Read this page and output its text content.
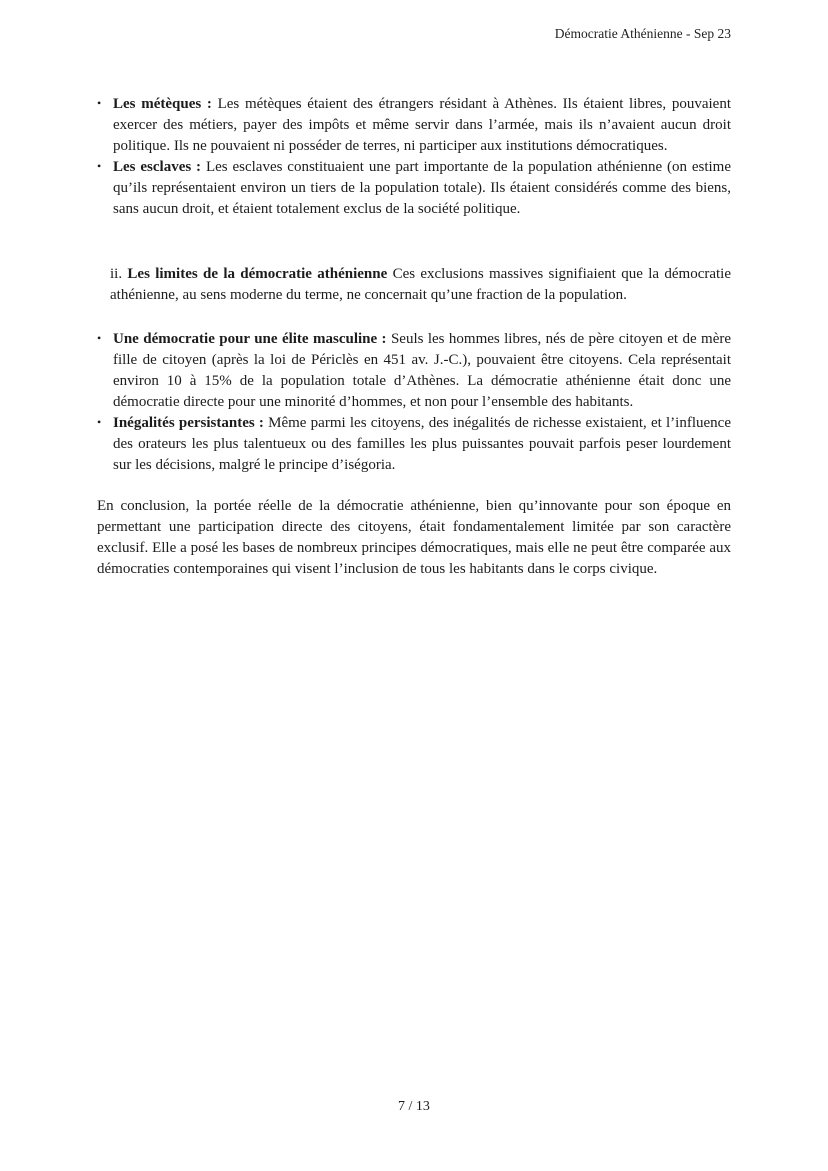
Démocratie Athénienne - Sep 23
• Les métèques : Les métèques étaient des étrangers résidant à Athènes. Ils étaient libres, pouvaient exercer des métiers, payer des impôts et même servir dans l’armée, mais ils n’avaient aucun droit politique. Ils ne pouvaient ni posséder de terres, ni participer aux institutions démocratiques.
• Les esclaves : Les esclaves constituaient une part importante de la population athénienne (on estime qu’ils représentaient environ un tiers de la population totale). Ils étaient considérés comme des biens, sans aucun droit, et étaient totalement exclus de la société politique.
ii. Les limites de la démocratie athénienne Ces exclusions massives signifiaient que la démocratie athénienne, au sens moderne du terme, ne concernait qu’une fraction de la population.
• Une démocratie pour une élite masculine : Seuls les hommes libres, nés de père citoyen et de mère fille de citoyen (après la loi de Périclès en 451 av. J.-C.), pouvaient être citoyens. Cela représentait environ 10 à 15% de la population totale d’Athènes. La démocratie athénienne était donc une démocratie directe pour une minorité d’hommes, et non pour l’ensemble des habitants.
• Inégalités persistantes : Même parmi les citoyens, des inégalités de richesse existaient, et l’influence des orateurs les plus talentueux ou des familles les plus puissantes pouvait parfois peser lourdement sur les décisions, malgré le principe d’iségoria.

En conclusion, la portée réelle de la démocratie athénienne, bien qu’innovante pour son époque en permettant une participation directe des citoyens, était fondamentalement limitée par son caractère exclusif. Elle a posé les bases de nombreux principes démocratiques, mais elle ne peut être comparée aux démocraties contemporaines qui visent l’inclusion de tous les habitants dans le corps civique.

7 / 13
